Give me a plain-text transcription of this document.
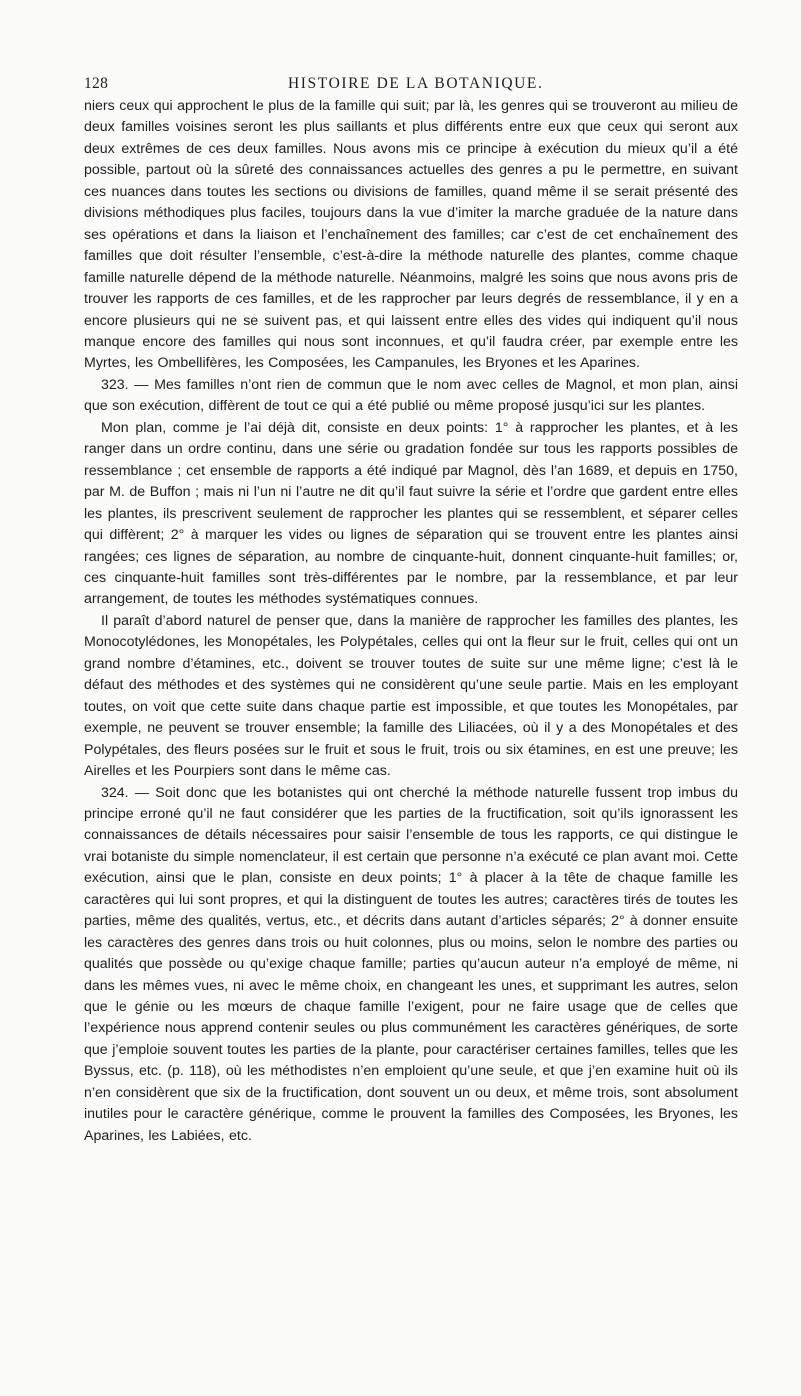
128	HISTOIRE DE LA BOTANIQUE.

niers ceux qui approchent le plus de la famille qui suit; par là, les genres qui se trouveront au milieu de deux familles voisines seront les plus saillants et plus différents entre eux que ceux qui seront aux deux extrêmes de ces deux familles. Nous avons mis ce principe à exécution du mieux qu’il a été possible, partout où la sûreté des connaissances actuelles des genres a pu le permettre, en suivant ces nuances dans toutes les sections ou divisions de familles, quand même il se serait présenté des divisions méthodiques plus faciles, toujours dans la vue d’imiter la marche graduée de la nature dans ses opérations et dans la liaison et l’enchaînement des familles; car c’est de cet enchaînement des familles que doit résulter l’ensemble, c’est-à-dire la méthode naturelle des plantes, comme chaque famille naturelle dépend de la méthode naturelle. Néanmoins, malgré les soins que nous avons pris de trouver les rapports de ces familles, et de les rapprocher par leurs degrés de ressemblance, il y en a encore plusieurs qui ne se suivent pas, et qui laissent entre elles des vides qui indiquent qu’il nous manque encore des familles qui nous sont inconnues, et qu’il faudra créer, par exemple entre les Myrtes, les Ombellifères, les Composées, les Campanules, les Bryones et les Aparines.

323. — Mes familles n’ont rien de commun que le nom avec celles de Magnol, et mon plan, ainsi que son exécution, diffèrent de tout ce qui a été publié ou même proposé jusqu’ici sur les plantes.

Mon plan, comme je l’ai déjà dit, consiste en deux points: 1° à rapprocher les plantes, et à les ranger dans un ordre continu, dans une série ou gradation fondée sur tous les rapports possibles de ressemblance ; cet ensemble de rapports a été indiqué par Magnol, dès l’an 1689, et depuis en 1750, par M. de Buffon ; mais ni l’un ni l’autre ne dit qu’il faut suivre la série et l’ordre que gardent entre elles les plantes, ils prescrivent seulement de rapprocher les plantes qui se ressemblent, et séparer celles qui diffèrent; 2° à marquer les vides ou lignes de séparation qui se trouvent entre les plantes ainsi rangées; ces lignes de séparation, au nombre de cinquante-huit, donnent cinquante-huit familles; or, ces cinquante-huit familles sont très-différentes par le nombre, par la ressemblance, et par leur arrangement, de toutes les méthodes systématiques connues.

Il paraît d’abord naturel de penser que, dans la manière de rapprocher les familles des plantes, les Monocotylédones, les Monopétales, les Polypétales, celles qui ont la fleur sur le fruit, celles qui ont un grand nombre d’étamines, etc., doivent se trouver toutes de suite sur une même ligne; c’est là le défaut des méthodes et des systèmes qui ne considèrent qu’une seule partie. Mais en les employant toutes, on voit que cette suite dans chaque partie est impossible, et que toutes les Monopétales, par exemple, ne peuvent se trouver ensemble; la famille des Liliacées, où il y a des Monopétales et des Polypétales, des fleurs posées sur le fruit et sous le fruit, trois ou six étamines, en est une preuve; les Airelles et les Pourpiers sont dans le même cas.

324. — Soit donc que les botanistes qui ont cherché la méthode naturelle fussent trop imbus du principe erroné qu’il ne faut considérer que les parties de la fructification, soit qu’ils ignorassent les connaissances de détails nécessaires pour saisir l’ensemble de tous les rapports, ce qui distingue le vrai botaniste du simple nomenclateur, il est certain que personne n’a exécuté ce plan avant moi. Cette exécution, ainsi que le plan, consiste en deux points; 1° à placer à la tête de chaque famille les caractères qui lui sont propres, et qui la distinguent de toutes les autres; caractères tirés de toutes les parties, même des qualités, vertus, etc., et décrits dans autant d’articles séparés; 2° à donner ensuite les caractères des genres dans trois ou huit colonnes, plus ou moins, selon le nombre des parties ou qualités que possède ou qu’exige chaque famille; parties qu’aucun auteur n’a employé de même, ni dans les mêmes vues, ni avec le même choix, en changeant les unes, et supprimant les autres, selon que le génie ou les mœurs de chaque famille l’exigent, pour ne faire usage que de celles que l’expérience nous apprend contenir seules ou plus communément les caractères génériques, de sorte que j’emploie souvent toutes les parties de la plante, pour caractériser certaines familles, telles que les Byssus, etc. (p. 118), où les méthodistes n’en emploient qu’une seule, et que j’en examine huit où ils n’en considèrent que six de la fructification, dont souvent un ou deux, et même trois, sont absolument inutiles pour le caractère générique, comme le prouvent la familles des Composées, les Bryones, les Aparines, les Labiées, etc.
